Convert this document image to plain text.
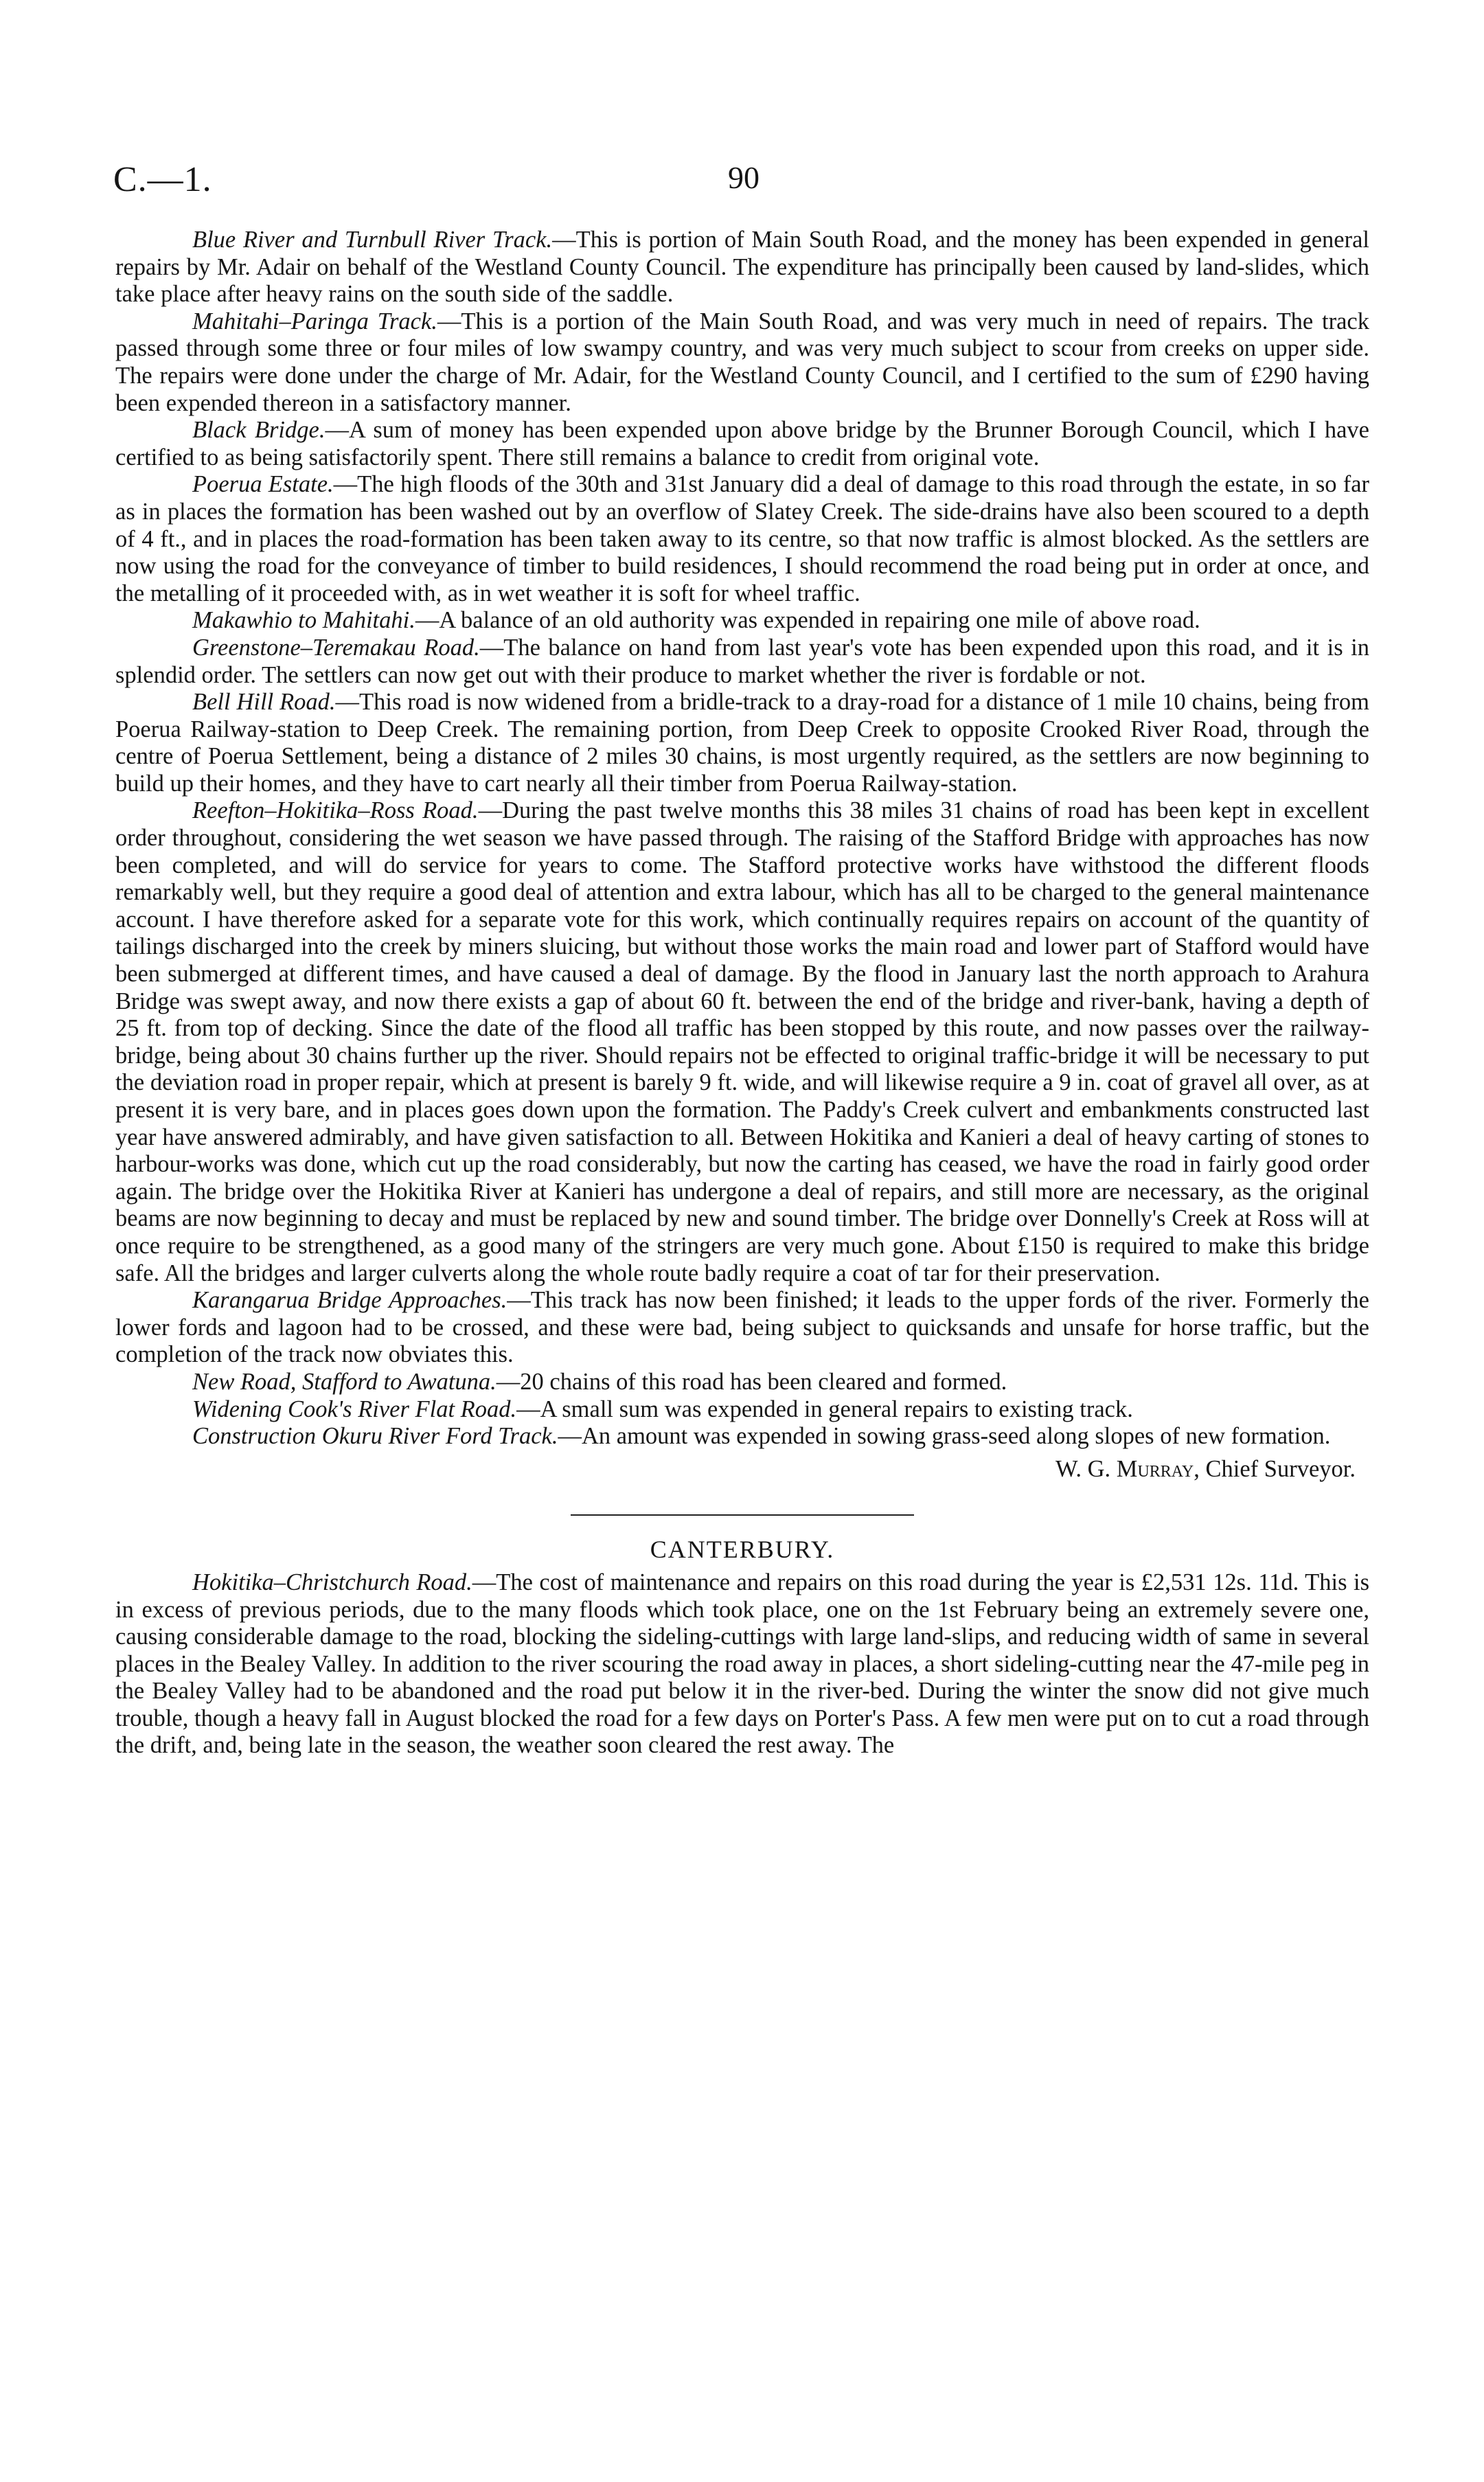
C.—1.	90

Blue River and Turnbull River Track.—This is portion of Main South Road, and the money has been expended in general repairs by Mr. Adair on behalf of the Westland County Council. The expenditure has principally been caused by land-slides, which take place after heavy rains on the south side of the saddle.

Mahitahi–Paringa Track.—This is a portion of the Main South Road, and was very much in need of repairs. The track passed through some three or four miles of low swampy country, and was very much subject to scour from creeks on upper side. The repairs were done under the charge of Mr. Adair, for the Westland County Council, and I certified to the sum of £290 having been expended thereon in a satisfactory manner.

Black Bridge.—A sum of money has been expended upon above bridge by the Brunner Borough Council, which I have certified to as being satisfactorily spent. There still remains a balance to credit from original vote.

Poerua Estate.—The high floods of the 30th and 31st January did a deal of damage to this road through the estate, in so far as in places the formation has been washed out by an overflow of Slatey Creek. The side-drains have also been scoured to a depth of 4 ft., and in places the road-formation has been taken away to its centre, so that now traffic is almost blocked. As the settlers are now using the road for the conveyance of timber to build residences, I should recommend the road being put in order at once, and the metalling of it proceeded with, as in wet weather it is soft for wheel traffic.

Makawhio to Mahitahi.—A balance of an old authority was expended in repairing one mile of above road.

Greenstone–Teremakau Road.—The balance on hand from last year's vote has been expended upon this road, and it is in splendid order. The settlers can now get out with their produce to market whether the river is fordable or not.

Bell Hill Road.—This road is now widened from a bridle-track to a dray-road for a distance of 1 mile 10 chains, being from Poerua Railway-station to Deep Creek. The remaining portion, from Deep Creek to opposite Crooked River Road, through the centre of Poerua Settlement, being a distance of 2 miles 30 chains, is most urgently required, as the settlers are now beginning to build up their homes, and they have to cart nearly all their timber from Poerua Railway-station.

Reefton–Hokitika–Ross Road.—During the past twelve months this 38 miles 31 chains of road has been kept in excellent order throughout, considering the wet season we have passed through. The raising of the Stafford Bridge with approaches has now been completed, and will do service for years to come. The Stafford protective works have withstood the different floods remarkably well, but they require a good deal of attention and extra labour, which has all to be charged to the general maintenance account. I have therefore asked for a separate vote for this work, which continually requires repairs on account of the quantity of tailings discharged into the creek by miners sluicing, but without those works the main road and lower part of Stafford would have been submerged at different times, and have caused a deal of damage. By the flood in January last the north approach to Arahura Bridge was swept away, and now there exists a gap of about 60 ft. between the end of the bridge and river-bank, having a depth of 25 ft. from top of decking. Since the date of the flood all traffic has been stopped by this route, and now passes over the railway-bridge, being about 30 chains further up the river. Should repairs not be effected to original traffic-bridge it will be necessary to put the deviation road in proper repair, which at present is barely 9 ft. wide, and will likewise require a 9 in. coat of gravel all over, as at present it is very bare, and in places goes down upon the formation. The Paddy's Creek culvert and embankments constructed last year have answered admirably, and have given satisfaction to all. Between Hokitika and Kanieri a deal of heavy carting of stones to harbour-works was done, which cut up the road considerably, but now the carting has ceased, we have the road in fairly good order again. The bridge over the Hokitika River at Kanieri has undergone a deal of repairs, and still more are necessary, as the original beams are now beginning to decay and must be replaced by new and sound timber. The bridge over Donnelly's Creek at Ross will at once require to be strengthened, as a good many of the stringers are very much gone. About £150 is required to make this bridge safe. All the bridges and larger culverts along the whole route badly require a coat of tar for their preservation.

Karangarua Bridge Approaches.—This track has now been finished; it leads to the upper fords of the river. Formerly the lower fords and lagoon had to be crossed, and these were bad, being subject to quicksands and unsafe for horse traffic, but the completion of the track now obviates this.

New Road, Stafford to Awatuna.—20 chains of this road has been cleared and formed.

Widening Cook's River Flat Road.—A small sum was expended in general repairs to existing track.

Construction Okuru River Ford Track.—An amount was expended in sowing grass-seed along slopes of new formation.

W. G. Murray, Chief Surveyor.

CANTERBURY.

Hokitika–Christchurch Road.—The cost of maintenance and repairs on this road during the year is £2,531 12s. 11d. This is in excess of previous periods, due to the many floods which took place, one on the 1st February being an extremely severe one, causing considerable damage to the road, blocking the sideling-cuttings with large land-slips, and reducing width of same in several places in the Bealey Valley. In addition to the river scouring the road away in places, a short sideling-cutting near the 47-mile peg in the Bealey Valley had to be abandoned and the road put below it in the river-bed. During the winter the snow did not give much trouble, though a heavy fall in August blocked the road for a few days on Porter's Pass. A few men were put on to cut a road through the drift, and, being late in the season, the weather soon cleared the rest away. The
